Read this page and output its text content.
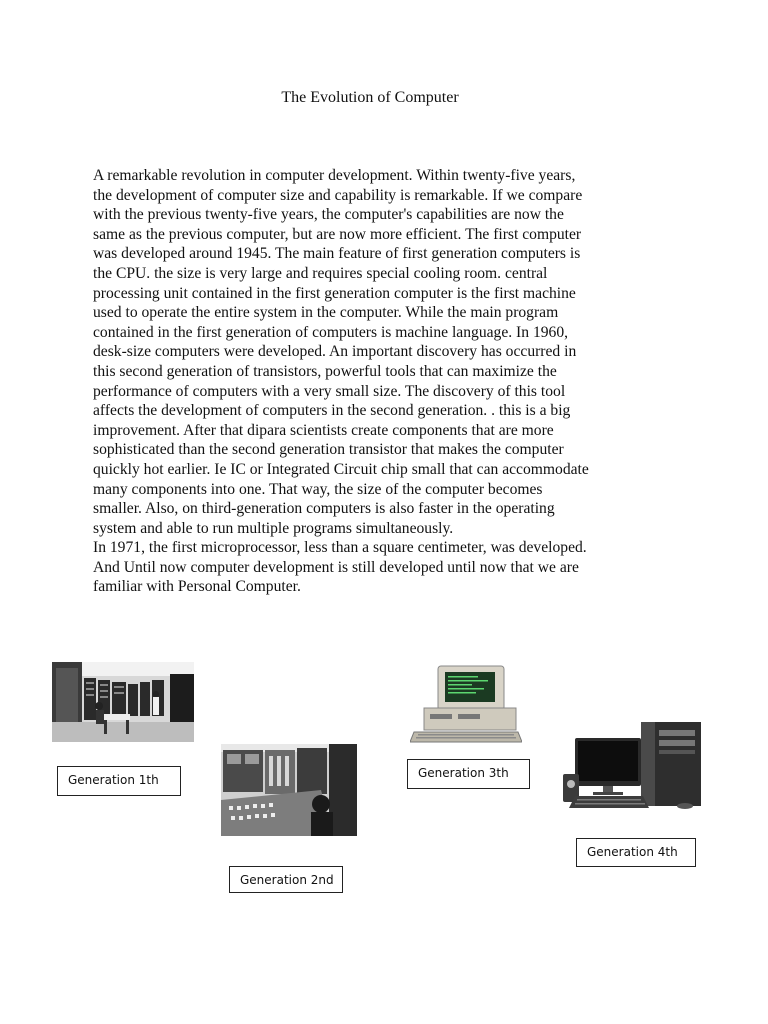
The Evolution of Computer
A remarkable revolution in computer development. Within twenty-five years,
the development of computer size and capability is remarkable. If we compare
with the previous twenty-five years, the computer's capabilities are now the
same as the previous computer, but are now more efficient. The first computer
was developed around 1945. The main feature of first generation computers is
the CPU. the size is very large and requires special cooling room. central
processing unit contained in the first generation computer is the first machine
used to operate the entire system in the computer. While the main program
contained in the first generation of computers is machine language. In 1960,
desk-size computers were developed. An important discovery has occurred in
this second generation of transistors, powerful tools that can maximize the
performance of computers with a very small size. The discovery of this tool
affects the development of computers in the second generation. . this is a big
improvement. After that dipara scientists create components that are more
sophisticated than the second generation transistor that makes the computer
quickly hot earlier. Ie IC or Integrated Circuit chip small that can accommodate
many components into one. That way, the size of the computer becomes
smaller. Also, on third-generation computers is also faster in the operating
system and able to run multiple programs simultaneously.
In 1971, the first microprocessor, less than a square centimeter, was developed.
And Until now computer development is still developed until now that we are
familiar with Personal Computer.
Generation 1th
Generation 2nd
Generation 3th
Generation 4th
